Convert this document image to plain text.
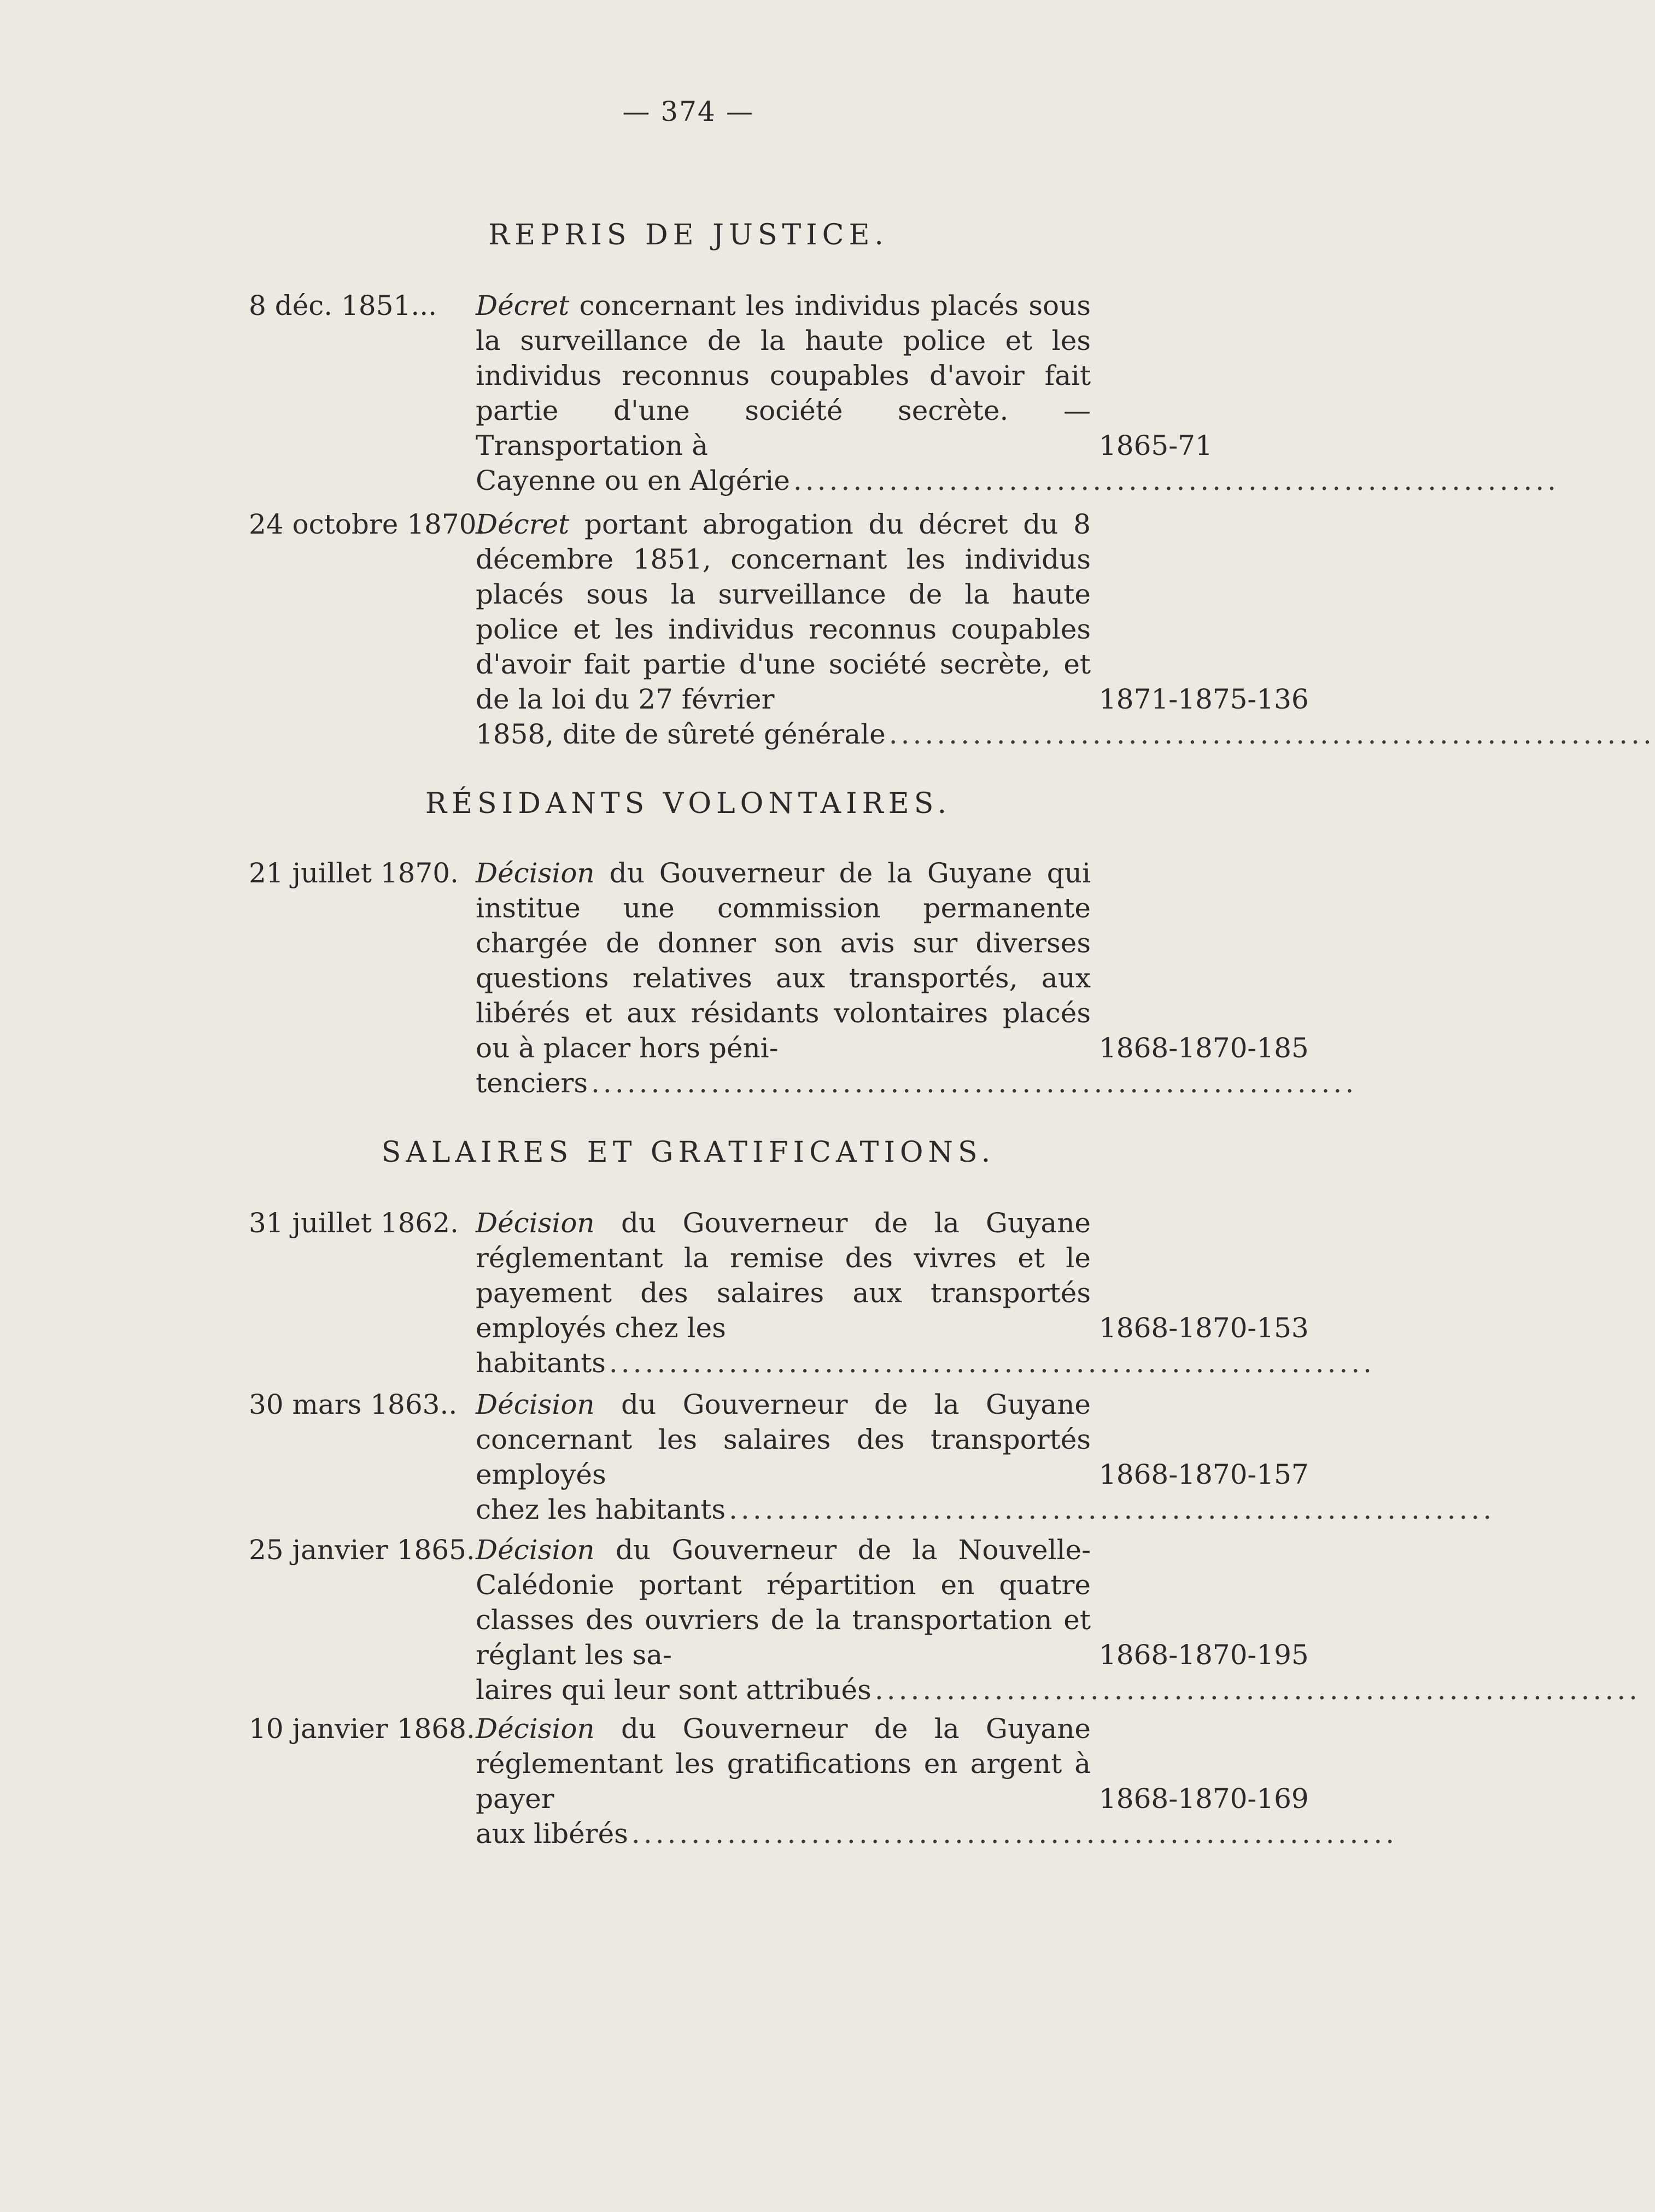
— 374 —
REPRIS DE JUSTICE.
8 déc. 1851...	Décret concernant les individus placés sous la surveillance de la haute police et les individus reconnus coupables d'avoir fait partie d'une société secrète. — Transportation à
Cayenne ou en Algérie ................................................................
1865-71
24 octobre 1870.
Décret portant abrogation du décret du 8 décembre 1851, concernant les individus placés sous la surveillance de la haute police et les individus reconnus coupables d'avoir fait partie d'une société secrète, et de la loi du 27 février
1858, dite de sûreté générale ................................................................
1871-1875-136
RÉSIDANTS VOLONTAIRES.
21 juillet 1870. Décision du Gouverneur de la Guyane qui institue une commission permanente chargée de donner son avis sur diverses questions relatives aux transportés, aux libérés et aux résidants volontaires placés ou à placer hors péni-
tenciers ................................................................
1868-1870-185
SALAIRES ET GRATIFICATIONS.
31 juillet 1862. Décision du Gouverneur de la Guyane réglementant la remise des vivres et le payement des salaires aux transportés employés chez les
habitants ................................................................
1868-1870-153
30 mars 1863.. Décision du Gouverneur de la Guyane concernant les salaires des transportés employés
chez les habitants ................................................................
1868-1870-157
25 janvier 1865. Décision du Gouverneur de la Nouvelle-Calédonie portant répartition en quatre classes des ouvriers de la transportation et réglant les sa-
laires qui leur sont attribués ................................................................
1868-1870-195
10 janvier 1868. Décision du Gouverneur de la Guyane réglementant les gratifications en argent à payer
aux libérés ................................................................
1868-1870-169
